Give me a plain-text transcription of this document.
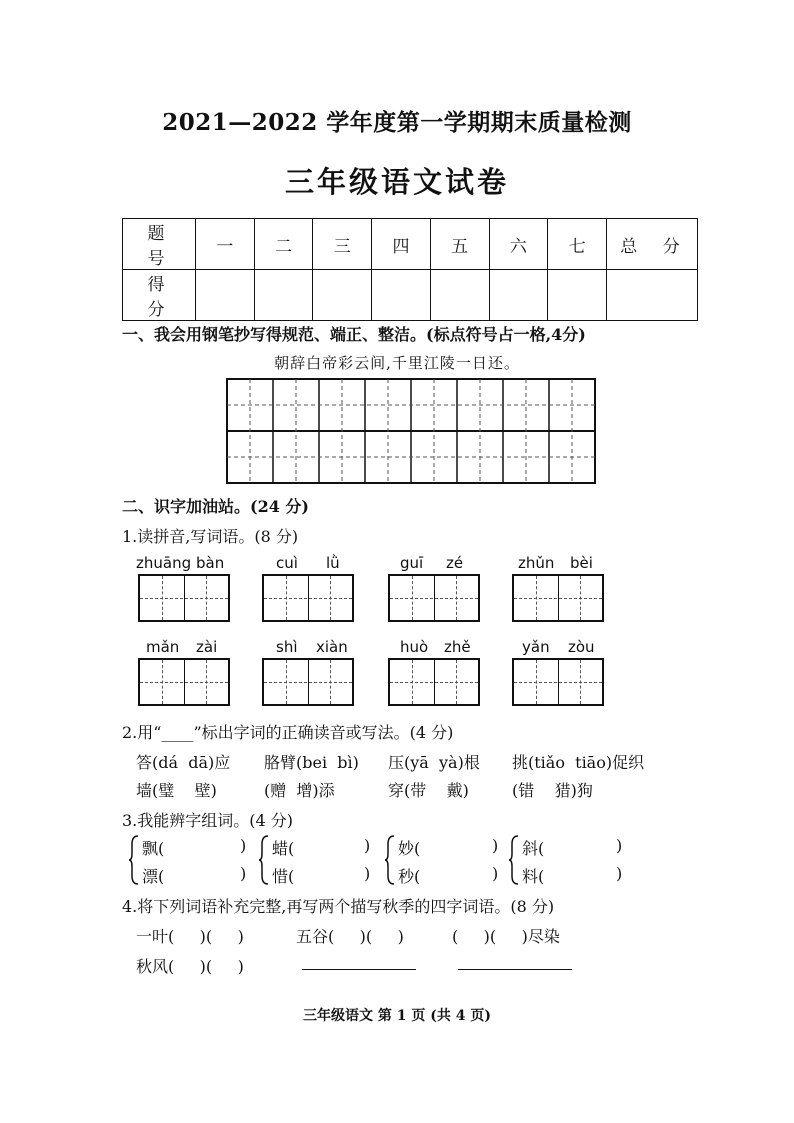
2021—2022 学年度第一学期期末质量检测
三年级语文试卷
题 号	一	二	三	四	五	六	七	总 分
得 分								
一、我会用钢笔抄写得规范、端正、整洁。(标点符号占一格,4分)
朝辞白帝彩云间,千里江陵一日还。
二、识字加油站。(24 分)
1.读拼音,写词语。(8 分)
zhuāng bàn	cuì lǜ	guī zé	zhǔn bèi
mǎn zài	shì xiàn	huò zhě	yǎn zòu
2.用“____”标出字词的正确读音或写法。(4 分)
答(dá  dā)应 胳臂(bei  bì) 压(yā  yà)根 挑(tiǎo  tiāo)促织
墙(璧    壁)	(赠  增)添	穿(带    戴)	(错    猎)狗
3.我能辨字组词。(4 分)
飘(	)
漂(	)
蜡(	)
惜(	)
妙(	)
秒(	)
斜(	)
料(	)
4.将下列词语补充完整,再写两个描写秋季的四字词语。(8 分)
一叶(     )(     )	五谷(     )(     )	(     )(     )尽染
秋风(     )(     )
三年级语文 第 1 页 (共 4 页)
